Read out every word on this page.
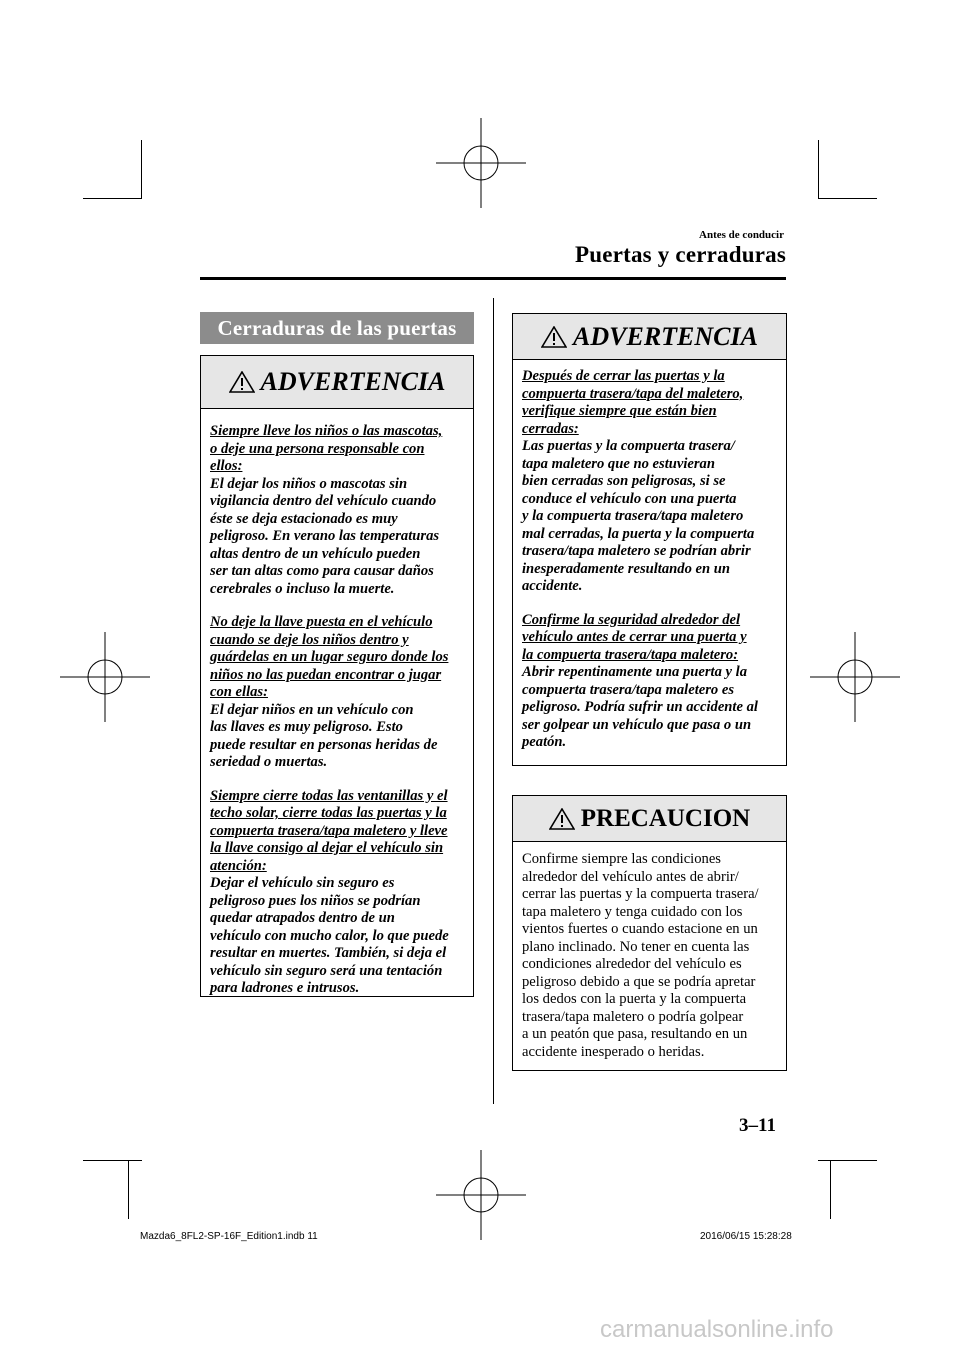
Antes de conducir
Puertas y cerraduras
Cerraduras de las puertas
ADVERTENCIA
Siempre lleve los niños o las mascotas,
o deje una persona responsable con
ellos:
El dejar los niños o mascotas sin
vigilancia dentro del vehículo cuando
éste se deja estacionado es muy
peligroso. En verano las temperaturas
altas dentro de un vehículo pueden
ser tan altas como para causar daños
cerebrales o incluso la muerte.
No deje la llave puesta en el vehículo
cuando se deje los niños dentro y
guárdelas en un lugar seguro donde los
niños no las puedan encontrar o jugar
con ellas:
El dejar niños en un vehículo con
las llaves es muy peligroso. Esto
puede resultar en personas heridas de
seriedad o muertas.
Siempre cierre todas las ventanillas y el
techo solar, cierre todas las puertas y la
compuerta trasera/tapa maletero y lleve
la llave consigo al dejar el vehículo sin
atención:
Dejar el vehículo sin seguro es
peligroso pues los niños se podrían
quedar atrapados dentro de un
vehículo con mucho calor, lo que puede
resultar en muertes. También, si deja el
vehículo sin seguro será una tentación
para ladrones e intrusos.
ADVERTENCIA
Después de cerrar las puertas y la
compuerta trasera/tapa del maletero,
verifique siempre que están bien
cerradas:
Las puertas y la compuerta trasera/
tapa maletero que no estuvieran
bien cerradas son peligrosas, si se
conduce el vehículo con una puerta
y la compuerta trasera/tapa maletero
mal cerradas, la puerta y la compuerta
trasera/tapa maletero se podrían abrir
inesperadamente resultando en un
accidente.
Confirme la seguridad alrededor del
vehículo antes de cerrar una puerta y
la compuerta trasera/tapa maletero:
Abrir repentinamente una puerta y la
compuerta trasera/tapa maletero es
peligroso. Podría sufrir un accidente al
ser golpear un vehículo que pasa o un
peatón.
PRECAUCION
Confirme siempre las condiciones
alrededor del vehículo antes de abrir/
cerrar las puertas y la compuerta trasera/
tapa maletero y tenga cuidado con los
vientos fuertes o cuando estacione en un
plano inclinado. No tener en cuenta las
condiciones alrededor del vehículo es
peligroso debido a que se podría apretar
los dedos con la puerta y la compuerta
trasera/tapa maletero o podría golpear
a un peatón que pasa, resultando en un
accidente inesperado o heridas.
3–11
Mazda6_8FL2-SP-16F_Edition1.indb 11	2016/06/15 15:28:28
carmanualsonline.info
